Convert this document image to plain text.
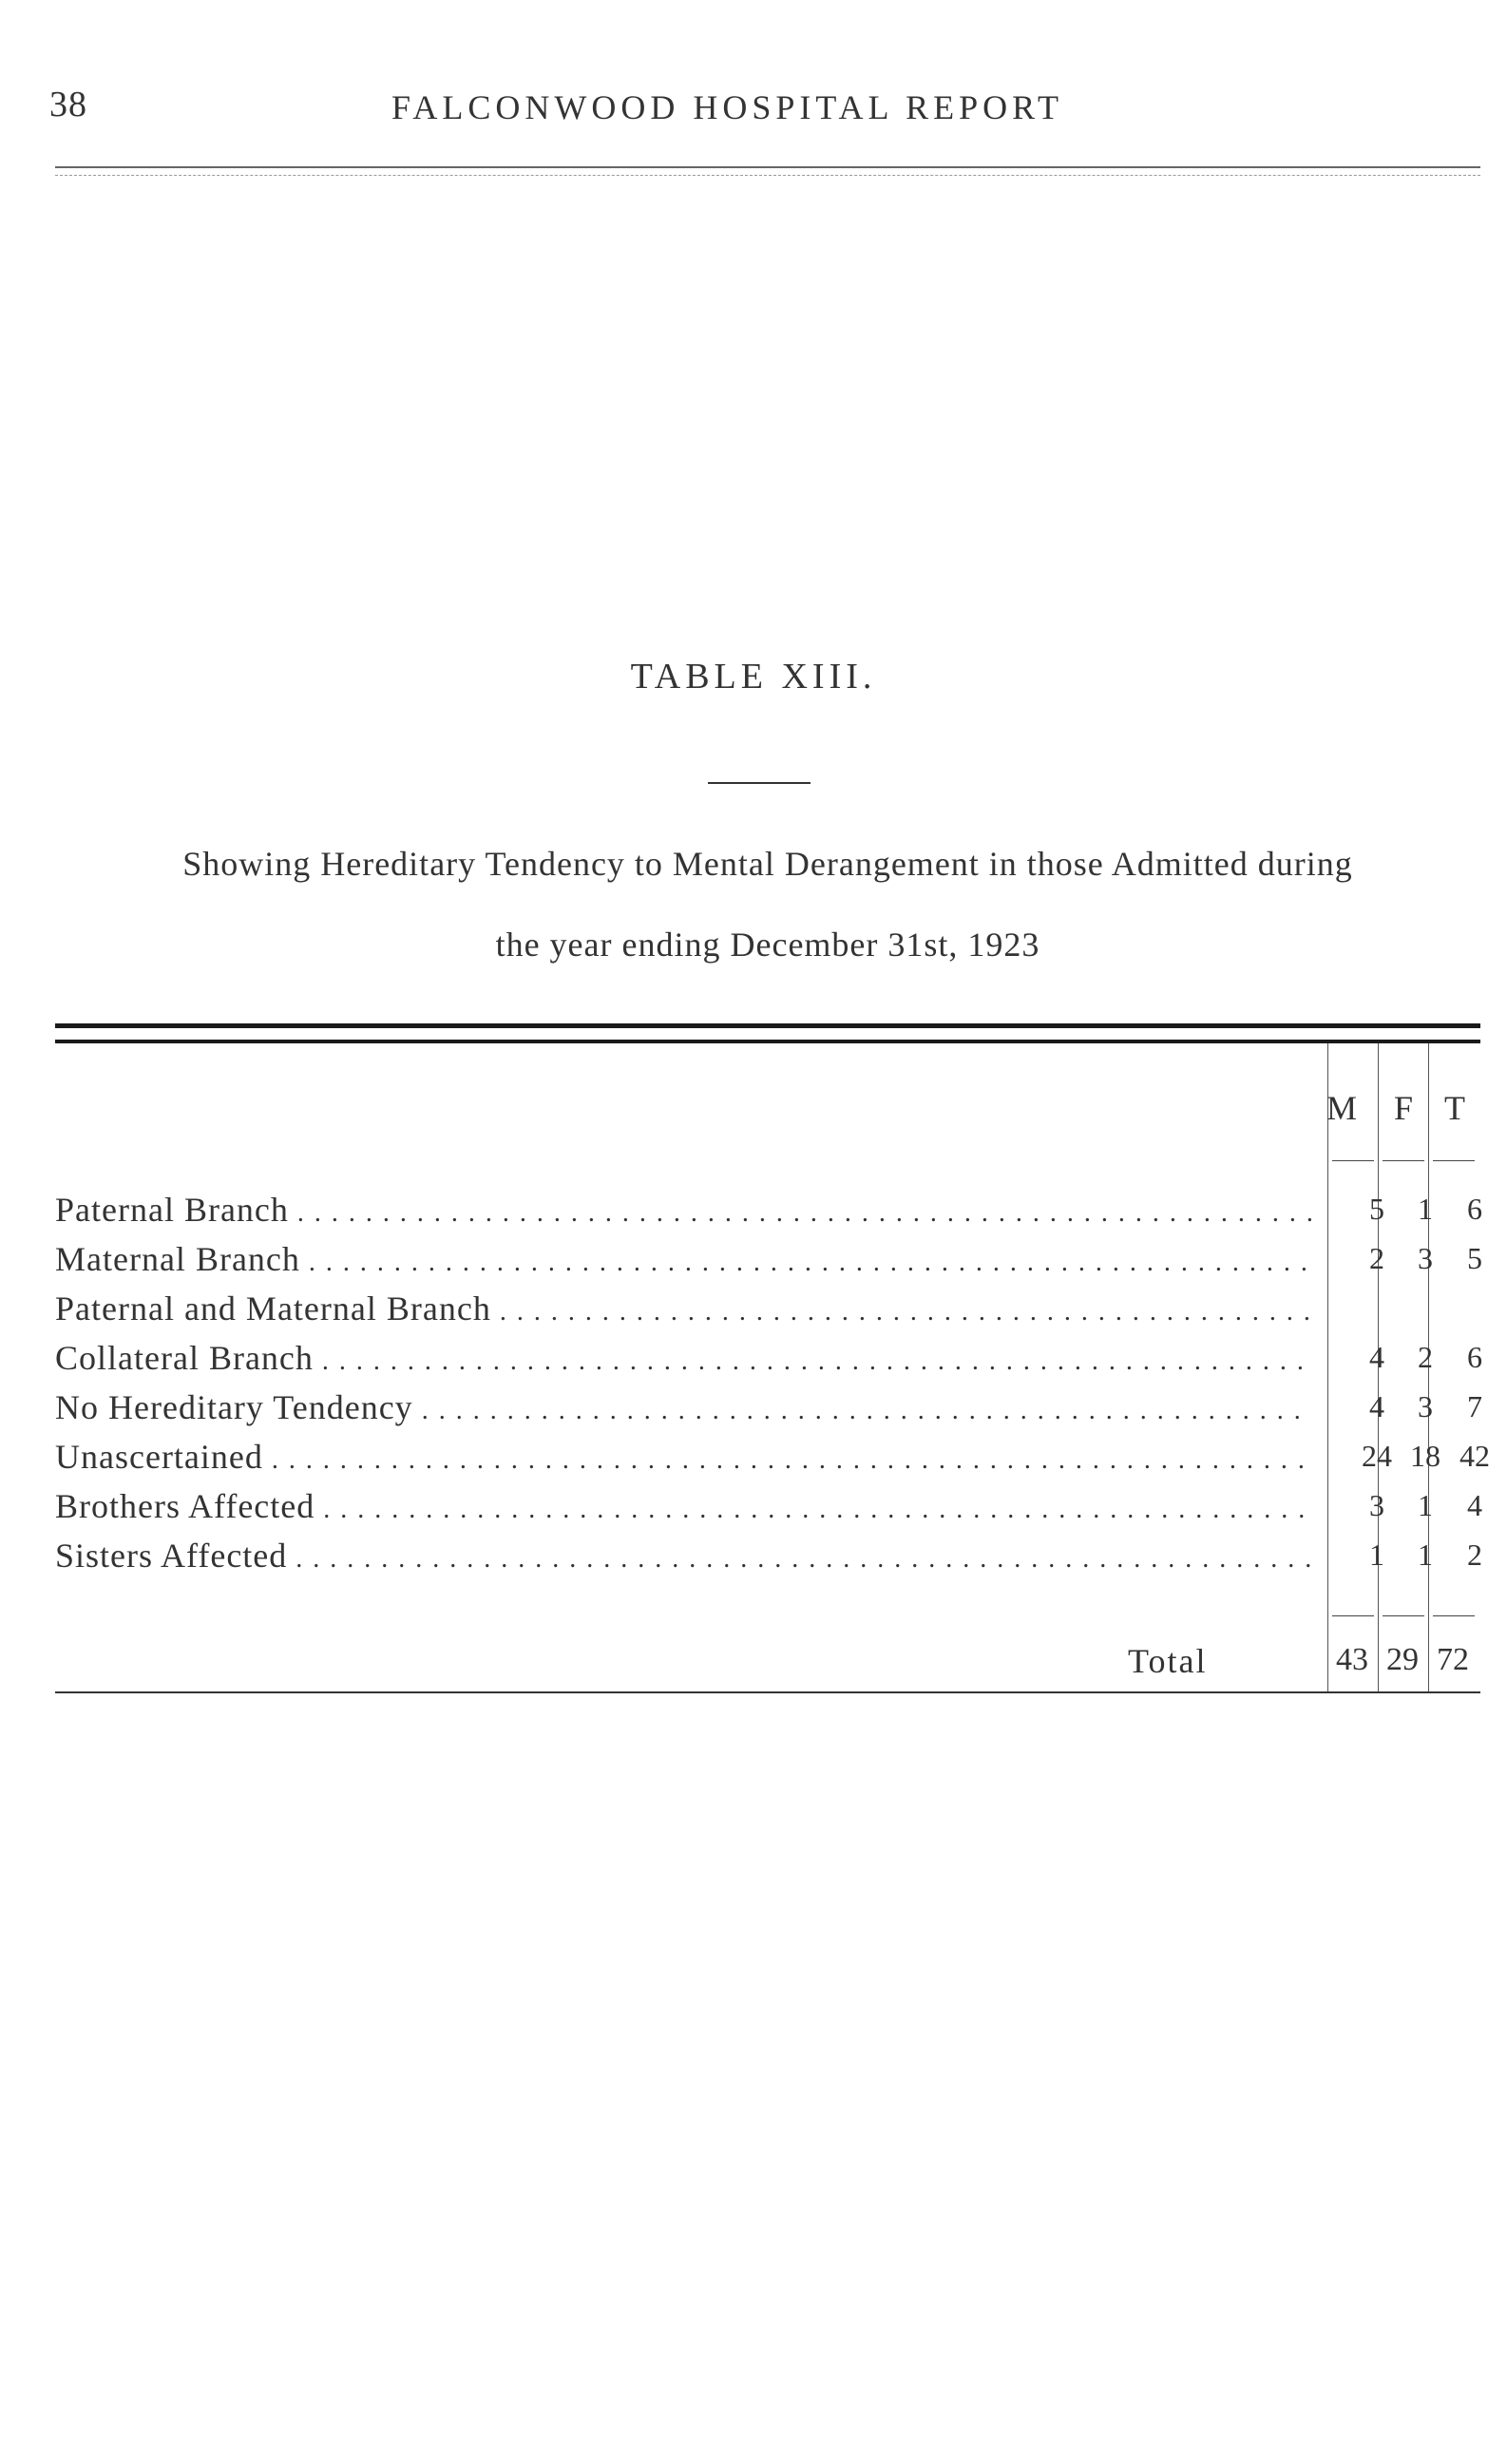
38	FALCONWOOD HOSPITAL REPORT
TABLE XIII.
Showing Hereditary Tendency to Mental Derangement in those Admitted during
the year ending December 31st, 1923
M	F T
Paternal Branch . . .	5	1	6
Maternal Branch . . .	2	3	5
Paternal and Maternal Branch . . .
Collateral Branch . . .	4	2	6
No Hereditary Tendency . . .	4	3	7
Unascertained . . .	24 18 42
Brothers Affected . . .	3	1	4
Sisters Affected . . .	1	1	2
Total	43 29 72
